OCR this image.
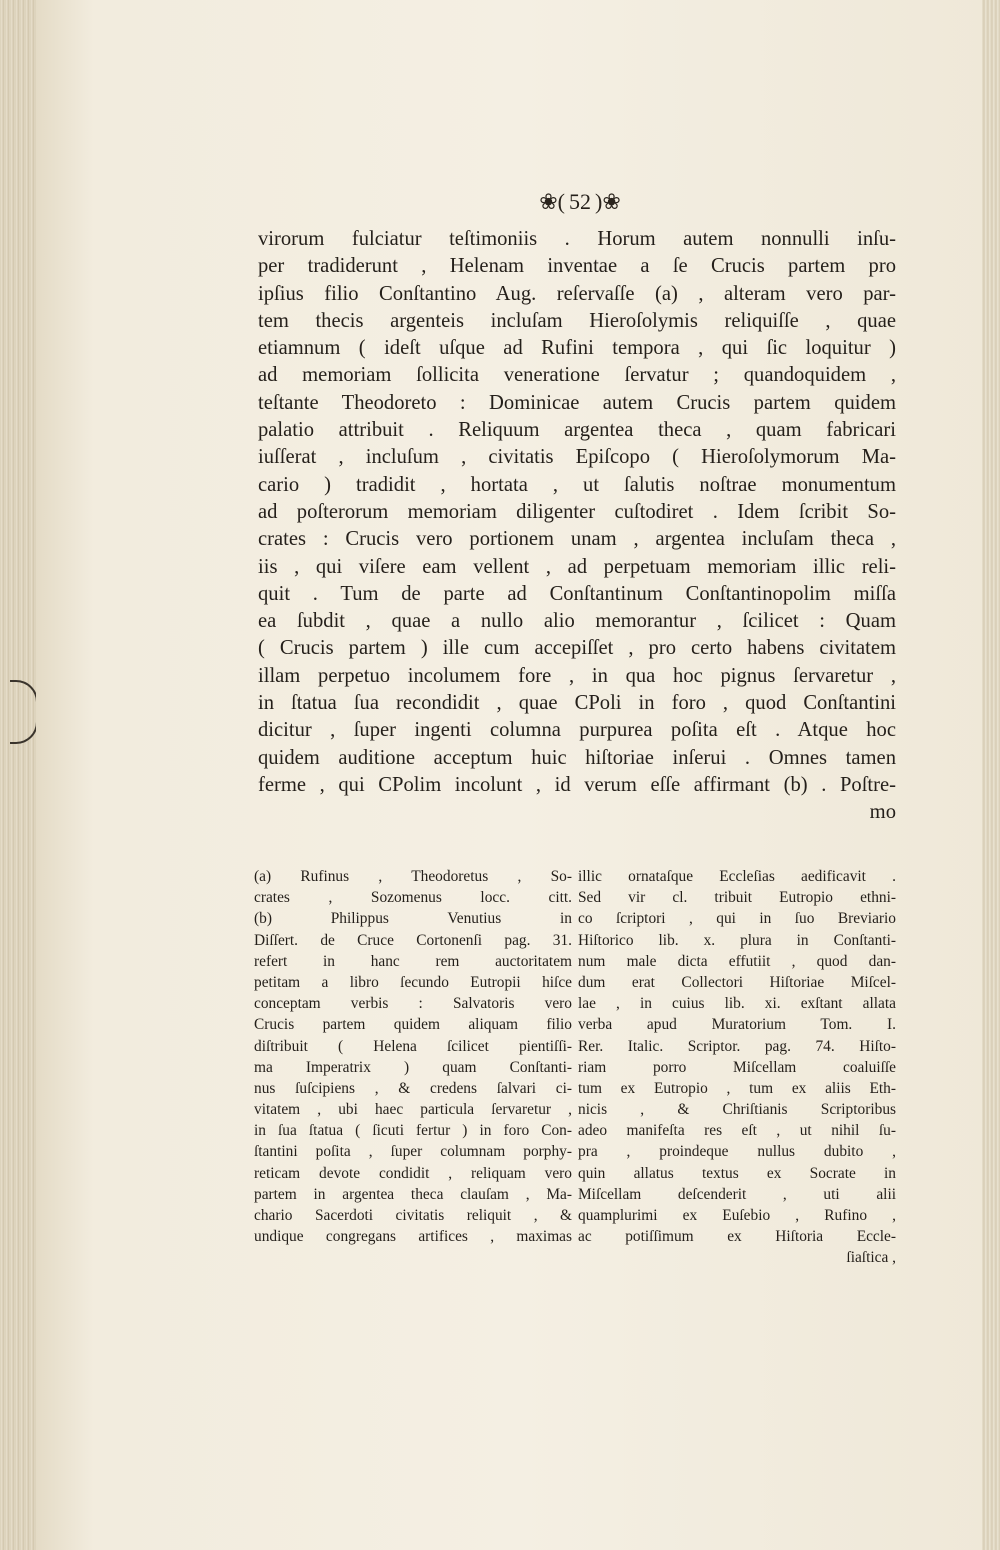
❀( 52 )❀
virorum fulciatur teſtimoniis . Horum autem nonnulli inſu-
per tradiderunt , Helenam inventae a ſe Crucis partem pro
ipſius filio Conſtantino Aug. reſervaſſe (a) , alteram vero par-
tem thecis argenteis incluſam Hieroſolymis reliquiſſe , quae
etiamnum ( ideſt uſque ad Rufini tempora , qui ſic loquitur )
ad memoriam ſollicita veneratione ſervatur ; quandoquidem ,
teſtante Theodoreto : Dominicae autem Crucis partem quidem
palatio attribuit . Reliquum argentea theca , quam fabricari
iuſſerat , incluſum , civitatis Epiſcopo ( Hieroſolymorum Ma-
cario ) tradidit , hortata , ut ſalutis noſtrae monumentum
ad poſterorum memoriam diligenter cuſtodiret . Idem ſcribit So-
crates : Crucis vero portionem unam , argentea incluſam theca ,
iis , qui viſere eam vellent , ad perpetuam memoriam illic reli-
quit . Tum de parte ad Conſtantinum Conſtantinopolim miſſa
ea ſubdit , quae a nullo alio memorantur , ſcilicet : Quam
( Crucis partem ) ille cum accepiſſet , pro certo habens civitatem
illam perpetuo incolumem fore , in qua hoc pignus ſervaretur ,
in ſtatua ſua recondidit , quae CPoli in foro , quod Conſtantini
dicitur , ſuper ingenti columna purpurea poſita eſt . Atque hoc
quidem auditione acceptum huic hiſtoriae inſerui . Omnes tamen
ferme , qui CPolim incolunt , id verum eſſe affirmant (b) . Poſtre-
mo
(a) Rufinus , Theodoretus , So-
crates , Sozomenus locc. citt.
(b) Philippus Venutius in
Diſſert. de Cruce Cortonenſi pag. 31.
refert in hanc rem auctoritatem
petitam a libro ſecundo Eutropii hiſce
conceptam verbis : Salvatoris vero
Crucis partem quidem aliquam filio
diſtribuit ( Helena ſcilicet pientiſſi-
ma Imperatrix ) quam Conſtanti-
nus ſuſcipiens , & credens ſalvari ci-
vitatem , ubi haec particula ſervaretur ,
in ſua ſtatua ( ſicuti fertur ) in foro Con-
ſtantini poſita , ſuper columnam porphy-
reticam devote condidit , reliquam vero
partem in argentea theca clauſam , Ma-
chario Sacerdoti civitatis reliquit , &
undique congregans artifices , maximas
illic ornataſque Eccleſias aedificavit .
Sed vir cl. tribuit Eutropio ethni-
co ſcriptori , qui in ſuo Breviario
Hiſtorico lib. x. plura in Conſtanti-
num male dicta effutiit , quod dan-
dum erat Collectori Hiſtoriae Miſcel-
lae , in cuius lib. xi. exſtant allata
verba apud Muratorium Tom. I.
Rer. Italic. Scriptor. pag. 74. Hiſto-
riam porro Miſcellam coaluiſſe
tum ex Eutropio , tum ex aliis Eth-
nicis , & Chriſtianis Scriptoribus
adeo manifeſta res eſt , ut nihil ſu-
pra , proindeque nullus dubito ,
quin allatus textus ex Socrate in
Miſcellam deſcenderit , uti alii
quamplurimi ex Euſebio , Rufino ,
ac potiſſimum ex Hiſtoria Eccle-
ſiaſtica ,
